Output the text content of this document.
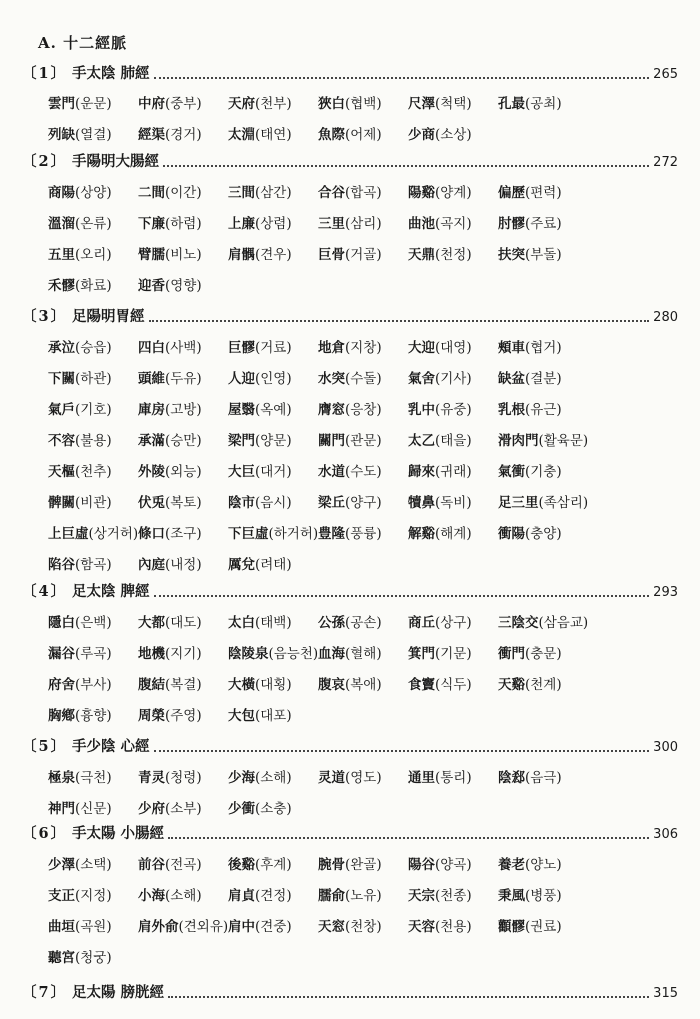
A. 十二經脈
〔1〕 手太陰 肺經	265
雲門(운문) 中府(중부) 天府(천부) 狹白(협백) 尺澤(척택) 孔最(공최)
列缺(열결) 經渠(경거) 太淵(태연) 魚際(어제) 少商(소상)
〔2〕 手陽明大腸經	272
商陽(상양) 二間(이간) 三間(삼간) 合谷(합곡) 陽谿(양계) 偏歷(편력)
溫溜(온류) 下廉(하렴) 上廉(상렴) 三里(삼리) 曲池(곡지) 肘髎(주료)
五里(오리) 臂臑(비노) 肩髃(견우) 巨骨(거골) 天鼎(천정) 扶突(부돌)
禾髎(화료) 迎香(영향)
〔3〕 足陽明胃經	280
承泣(승읍) 四白(사백) 巨髎(거료) 地倉(지창) 大迎(대영) 頰車(협거)
下關(하관) 頭維(두유) 人迎(인영) 水突(수돌) 氣舍(기사) 缺盆(결분)
氣戶(기호) 庫房(고방) 屋翳(옥예) 膺窓(응창) 乳中(유중) 乳根(유근)
不容(불용) 承滿(승만) 梁門(양문) 關門(관문) 太乙(태을) 滑肉門(활육문)
天樞(천추) 外陵(외능) 大巨(대거) 水道(수도) 歸來(귀래) 氣衝(기충)
髀關(비관) 伏兎(복토) 陰市(음시) 梁丘(양구) 犢鼻(독비) 足三里(족삼리)
上巨虛(상거허) 條口(조구) 下巨虛(하거허) 豊隆(풍륭) 解谿(해계) 衝陽(충양)
陷谷(함곡) 內庭(내정) 厲兌(려태)
〔4〕 足太陰 脾經	293
隱白(은백) 大都(대도) 太白(태백) 公孫(공손) 商丘(상구) 三陰交(삼음교)
漏谷(루곡) 地機(지기) 陰陵泉(음능천) 血海(혈해) 箕門(기문) 衝門(충문)
府舍(부사) 腹結(복결) 大橫(대횡) 腹哀(복애) 食竇(식두) 天谿(천계)
胸鄕(흉향) 周榮(주영) 大包(대포)
〔5〕 手少陰 心經	300
極泉(극천) 青灵(청령) 少海(소해) 灵道(영도) 通里(통리) 陰郄(음극)
神門(신문) 少府(소부) 少衝(소충)
〔6〕 手太陽 小腸經	306
少澤(소택) 前谷(전곡) 後谿(후계) 腕骨(완골) 陽谷(양곡) 養老(양노)
支正(지정) 小海(소해) 肩貞(견정) 臑俞(노유) 天宗(천종) 秉風(병풍)
曲垣(곡원) 肩外俞(견외유) 肩中(견중) 天窓(천창) 天容(천용) 顴髎(권료)
聽宮(청궁)
〔7〕 足太陽 膀胱經	315
